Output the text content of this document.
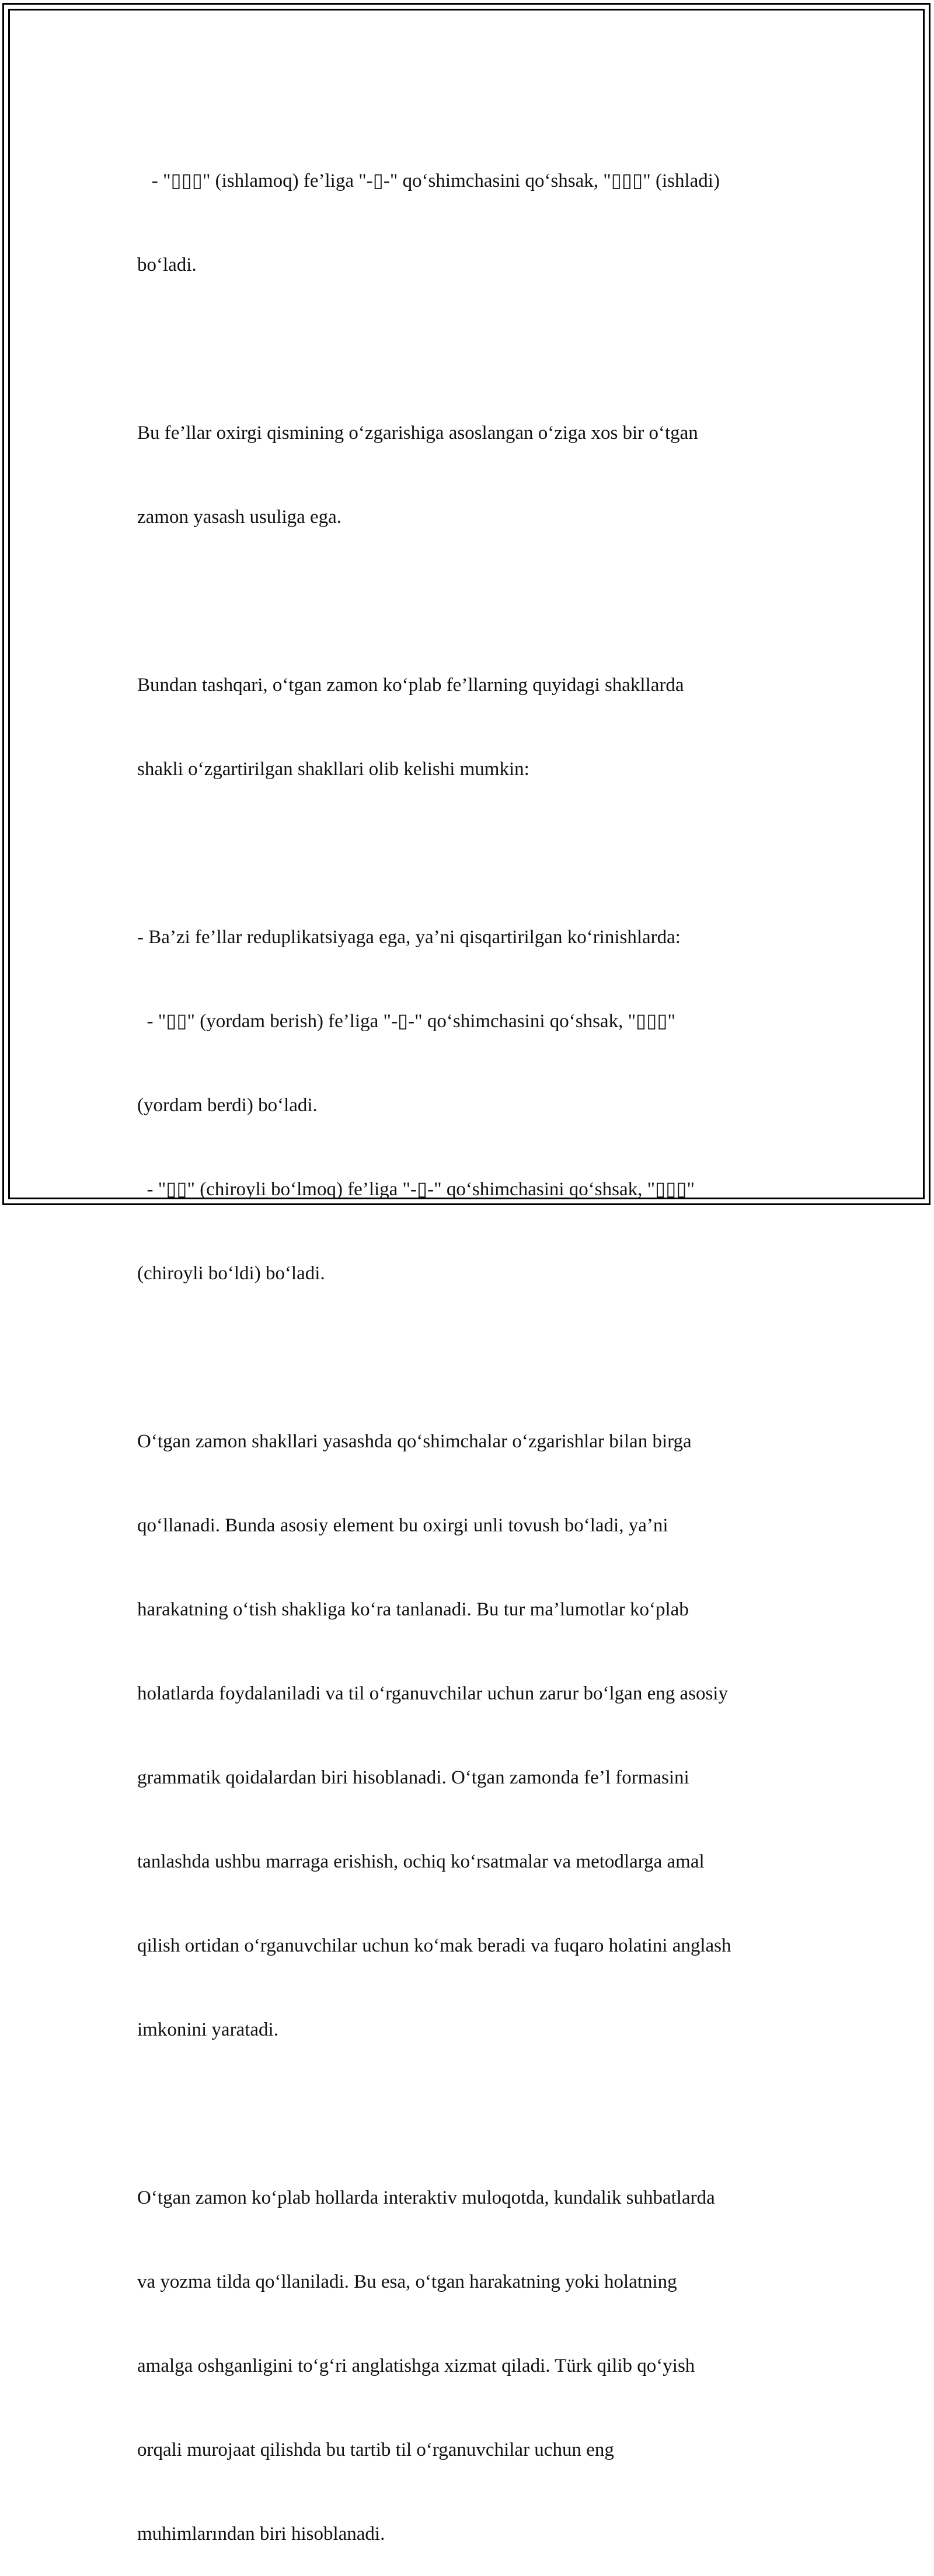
- "▯▯▯" (ishlamoq) fe’liga "-▯-" qo‘shimchasini qo‘shsak, "▯▯▯" (ishladi)

bo‘ladi.

Bu fe’llar oxirgi qismining o‘zgarishiga asoslangan o‘ziga xos bir o‘tgan

zamon yasash usuliga ega.

Bundan tashqari, o‘tgan zamon ko‘plab fe’llarning quyidagi shakllarda

shakli o‘zgartirilgan shakllari olib kelishi mumkin:

- Ba’zi fe’llar reduplikatsiyaga ega, ya’ni qisqartirilgan ko‘rinishlarda:

- "▯▯" (yordam berish) fe’liga "-▯-" qo‘shimchasini qo‘shsak, "▯▯▯"

(yordam berdi) bo‘ladi.

- "▯▯" (chiroyli bo‘lmoq) fe’liga "-▯-" qo‘shimchasini qo‘shsak, "▯▯▯"

(chiroyli bo‘ldi) bo‘ladi.

O‘tgan zamon shakllari yasashda qo‘shimchalar o‘zgarishlar bilan birga

qo‘llanadi. Bunda asosiy element bu oxirgi unli tovush bo‘ladi, ya’ni

harakatning o‘tish shakliga ko‘ra tanlanadi. Bu tur ma’lumotlar ko‘plab

holatlarda foydalaniladi va til o‘rganuvchilar uchun zarur bo‘lgan eng asosiy

grammatik qoidalardan biri hisoblanadi. O‘tgan zamonda fe’l formasini

tanlashda ushbu marraga erishish, ochiq ko‘rsatmalar va metodlarga amal

qilish ortidan o‘rganuvchilar uchun ko‘mak beradi va fuqaro holatini anglash

imkonini yaratadi.

O‘tgan zamon ko‘plab hollarda interaktiv muloqotda, kundalik suhbatlarda

va yozma tilda qo‘llaniladi. Bu esa, o‘tgan harakatning yoki holatning

amalga oshganligini to‘g‘ri anglatishga xizmat qiladi. Türk qilib qo‘yish

orqali murojaat qilishda bu tartib til o‘rganuvchilar uchun eng

muhimlarından biri hisoblanadi.
